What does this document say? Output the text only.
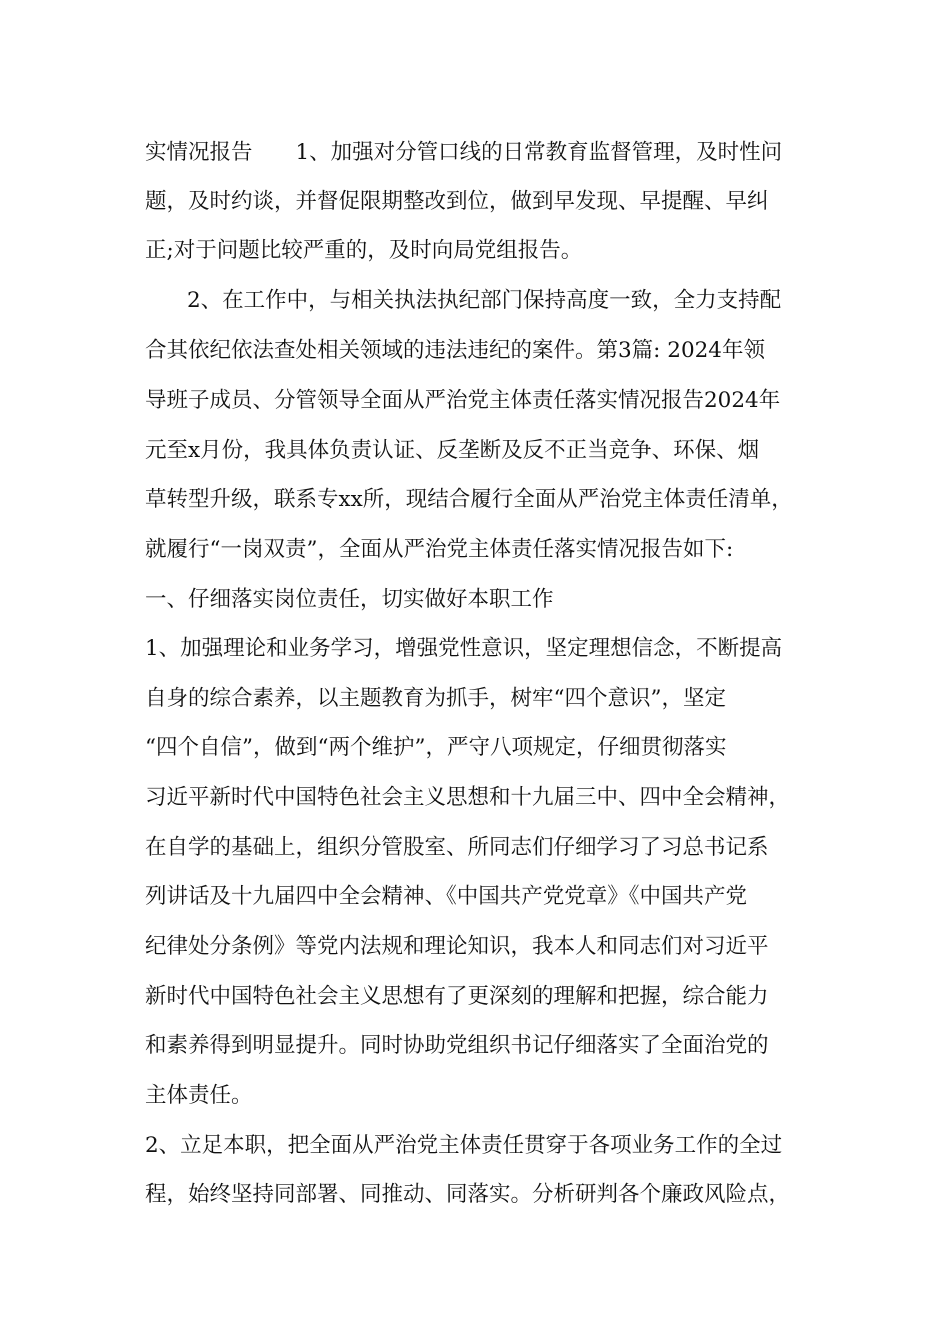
实情况报告　　1、加强对分管口线的日常教育监督管理，及时性问
题，及时约谈，并督促限期整改到位，做到早发现、早提醒、早纠
正;对于问题比较严重的，及时向局党组报告。
2、在工作中，与相关执法执纪部门保持高度一致，全力支持配
合其依纪依法查处相关领域的违法违纪的案件。第3篇: 2024年领
导班子成员、分管领导全面从严治党主体责任落实情况报告2024年
元至x月份，我具体负责认证、反垄断及反不正当竞争、环保、烟
草转型升级，联系专xx所，现结合履行全面从严治党主体责任清单，
就履行“一岗双责”，全面从严治党主体责任落实情况报告如下:
一、仔细落实岗位责任，切实做好本职工作
1、加强理论和业务学习，增强党性意识，坚定理想信念，不断提高
自身的综合素养，以主题教育为抓手，树牢“四个意识”，坚定
“四个自信”，做到“两个维护”，严守八项规定，仔细贯彻落实
习近平新时代中国特色社会主义思想和十九届三中、四中全会精神，
在自学的基础上，组织分管股室、所同志们仔细学习了习总书记系
列讲话及十九届四中全会精神、《中国共产党党章》《中国共产党
纪律处分条例》等党内法规和理论知识，我本人和同志们对习近平
新时代中国特色社会主义思想有了更深刻的理解和把握，综合能力
和素养得到明显提升。同时协助党组织书记仔细落实了全面治党的
主体责任。
2、立足本职，把全面从严治党主体责任贯穿于各项业务工作的全过
程，始终坚持同部署、同推动、同落实。分析研判各个廉政风险点，
